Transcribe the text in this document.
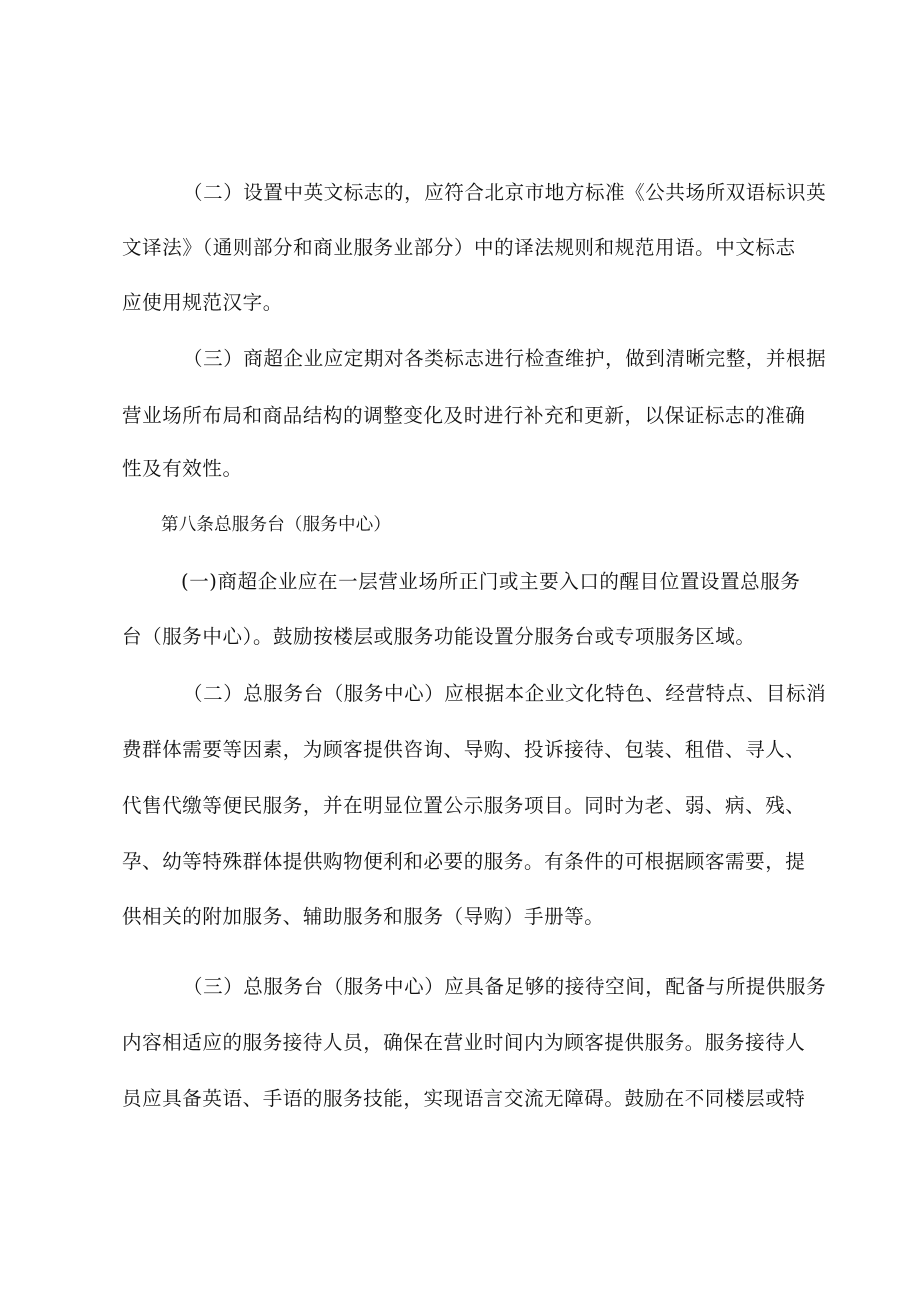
（二）设置中英文标志的，应符合北京市地方标准《公共场所双语标识英
文译法》（通则部分和商业服务业部分）中的译法规则和规范用语。中文标志
应使用规范汉字。
（三）商超企业应定期对各类标志进行检查维护，做到清晰完整，并根据
营业场所布局和商品结构的调整变化及时进行补充和更新，以保证标志的准确
性及有效性。
第八条总服务台（服务中心）
(一)商超企业应在一层营业场所正门或主要入口的醒目位置设置总服务
台（服务中心）。鼓励按楼层或服务功能设置分服务台或专项服务区域。
（二）总服务台（服务中心）应根据本企业文化特色、经营特点、目标消
费群体需要等因素，为顾客提供咨询、导购、投诉接待、包装、租借、寻人、
代售代缴等便民服务，并在明显位置公示服务项目。同时为老、弱、病、残、
孕、幼等特殊群体提供购物便利和必要的服务。有条件的可根据顾客需要，提
供相关的附加服务、辅助服务和服务（导购）手册等。
（三）总服务台（服务中心）应具备足够的接待空间，配备与所提供服务
内容相适应的服务接待人员，确保在营业时间内为顾客提供服务。服务接待人
员应具备英语、手语的服务技能，实现语言交流无障碍。鼓励在不同楼层或特
